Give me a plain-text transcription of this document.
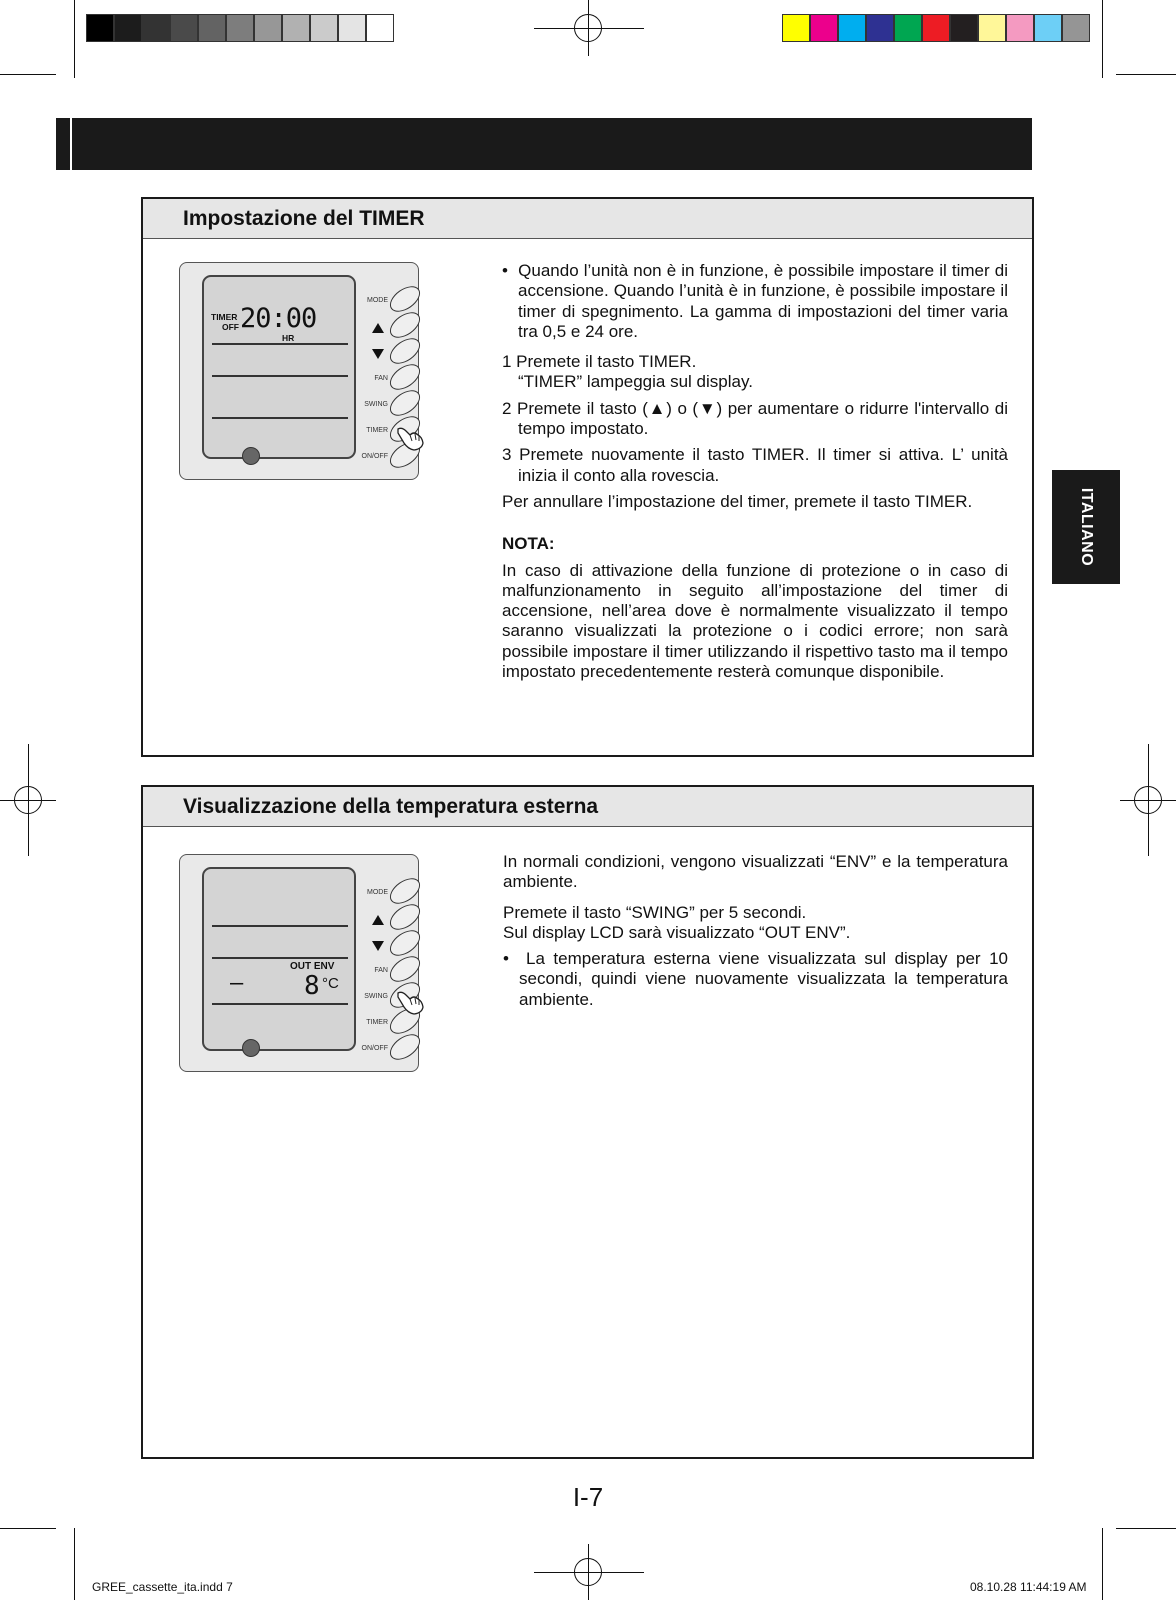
Impostazione del TIMER
TIMER
OFF 20:00
HR
MODE
FAN
SWING
TIMER
ON/OFF

•  Quando l’unità non è in funzione, è possibile impostare il timer di accensione. Quando l’unità è in funzione, è possibile impostare il timer di spegnimento. La gamma di impostazioni del timer varia tra 0,5 e 24 ore.

1 Premete il tasto TIMER.

“TIMER” lampeggia sul display.

2 Premete il tasto (▲) o (▼) per aumentare o ridurre l'intervallo di tempo impostato.

3 Premete nuovamente il tasto TIMER. Il timer si attiva. L’ unità inizia il conto alla rovescia.

Per annullare l’impostazione del timer, premete il tasto TIMER.

NOTA:

In caso di attivazione della funzione di protezione o in caso di malfunzionamento in seguito all’impostazione del timer di accensione, nell’area dove è normalmente visualizzato il tempo saranno visualizzati la protezione o i codici errore; non sarà possibile impostare il timer utilizzando il rispettivo tasto ma il tempo impostato precedentemente resterà comunque disponibile.

Visualizzazione della temperatura esterna
OUT ENV
– 8 °C
MODE
FAN
SWING
TIMER
ON/OFF

In normali condizioni, vengono visualizzati “ENV” e la temperatura ambiente.

Premete il tasto “SWING” per 5 secondi.

Sul display LCD sarà visualizzato “OUT ENV”.

•  La temperatura esterna viene visualizzata sul display per 10 secondi, quindi viene nuovamente visualizzata la temperatura ambiente.

ITALIANO
I-7
GREE_cassette_ita.indd 7	08.10.28 11:44:19 AM
